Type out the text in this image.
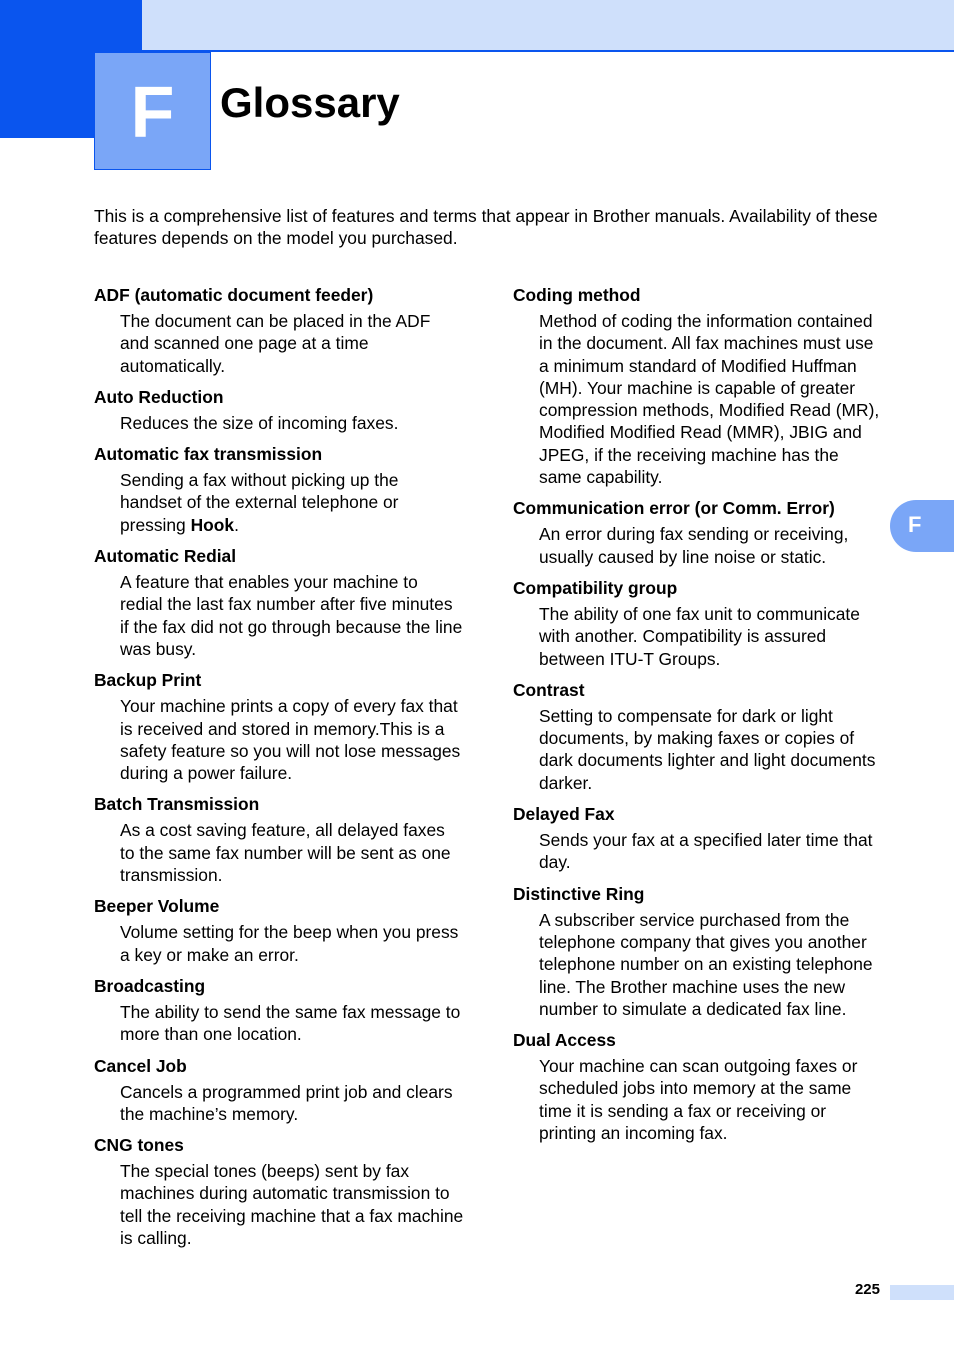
F Glossary

This is a comprehensive list of features and terms that appear in Brother manuals. Availability of these features depends on the model you purchased.

ADF (automatic document feeder)
The document can be placed in the ADF and scanned one page at a time automatically.
Auto Reduction
Reduces the size of incoming faxes.
Automatic fax transmission
Sending a fax without picking up the handset of the external telephone or pressing Hook.
Automatic Redial
A feature that enables your machine to redial the last fax number after five minutes if the fax did not go through because the line was busy.
Backup Print
Your machine prints a copy of every fax that is received and stored in memory.This is a safety feature so you will not lose messages during a power failure.
Batch Transmission
As a cost saving feature, all delayed faxes to the same fax number will be sent as one transmission.
Beeper Volume
Volume setting for the beep when you press a key or make an error.
Broadcasting
The ability to send the same fax message to more than one location.
Cancel Job
Cancels a programmed print job and clears the machine’s memory.
CNG tones
The special tones (beeps) sent by fax machines during automatic transmission to tell the receiving machine that a fax machine is calling.
Coding method
Method of coding the information contained in the document. All fax machines must use a minimum standard of Modified Huffman (MH). Your machine is capable of greater compression methods, Modified Read (MR), Modified Modified Read (MMR), JBIG and JPEG, if the receiving machine has the same capability.
Communication error (or Comm. Error)
An error during fax sending or receiving, usually caused by line noise or static.
Compatibility group
The ability of one fax unit to communicate with another. Compatibility is assured between ITU-T Groups.
Contrast
Setting to compensate for dark or light documents, by making faxes or copies of dark documents lighter and light documents darker.
Delayed Fax
Sends your fax at a specified later time that day.
Distinctive Ring
A subscriber service purchased from the telephone company that gives you another telephone number on an existing telephone line. The Brother machine uses the new number to simulate a dedicated fax line.
Dual Access
Your machine can scan outgoing faxes or scheduled jobs into memory at the same time it is sending a fax or receiving or printing an incoming fax.
F
225
